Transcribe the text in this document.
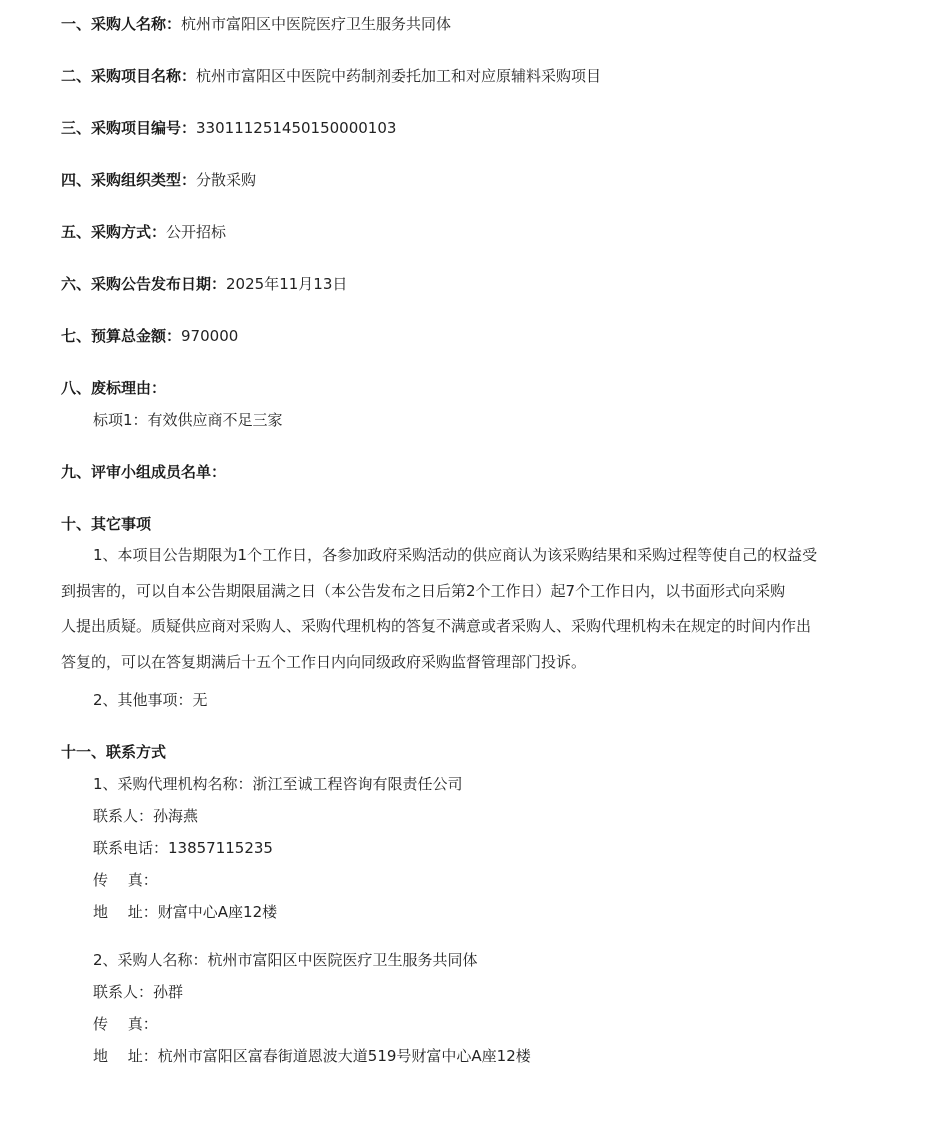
一、采购人名称：杭州市富阳区中医院医疗卫生服务共同体
二、采购项目名称：杭州市富阳区中医院中药制剂委托加工和对应原辅料采购项目
三、采购项目编号：330111251450150000103
四、采购组织类型：分散采购
五、采购方式：公开招标
六、采购公告发布日期：2025年11月13日
七、预算总金额：970000
八、废标理由：
标项1：有效供应商不足三家
九、评审小组成员名单：
十、其它事项
1、本项目公告期限为1个工作日，各参加政府采购活动的供应商认为该采购结果和采购过程等使自己的权益受
到损害的，可以自本公告期限届满之日（本公告发布之日后第2个工作日）起7个工作日内，以书面形式向采购
人提出质疑。质疑供应商对采购人、采购代理机构的答复不满意或者采购人、采购代理机构未在规定的时间内作出
答复的，可以在答复期满后十五个工作日内向同级政府采购监督管理部门投诉。
2、其他事项：无
十一、联系方式
1、采购代理机构名称：浙江至诚工程咨询有限责任公司
联系人：孙海燕
联系电话：13857115235
传　 真：
地　 址：财富中心A座12楼
2、采购人名称：杭州市富阳区中医院医疗卫生服务共同体
联系人：孙群
传　 真：
地　 址：杭州市富阳区富春街道恩波大道519号财富中心A座12楼
